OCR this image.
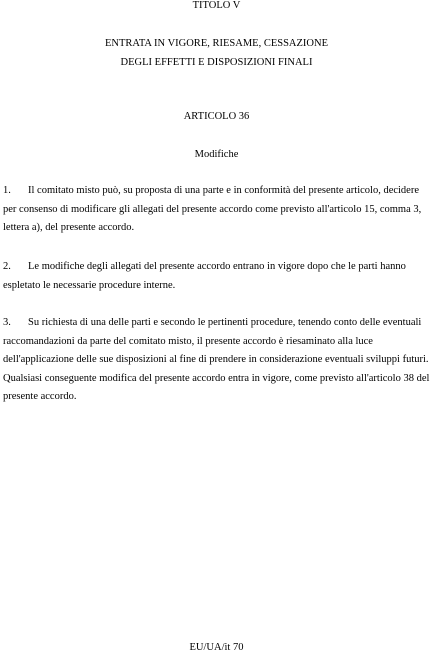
TITOLO V

ENTRATA IN VIGORE, RIESAME, CESSAZIONE
DEGLI EFFETTI E DISPOSIZIONI FINALI

ARTICOLO 36

Modifiche

1. Il comitato misto può, su proposta di una parte e in conformità del presente articolo, decidere per consenso di modificare gli allegati del presente accordo come previsto all'articolo 15, comma 3, lettera a), del presente accordo.

2. Le modifiche degli allegati del presente accordo entrano in vigore dopo che le parti hanno espletato le necessarie procedure interne.

3. Su richiesta di una delle parti e secondo le pertinenti procedure, tenendo conto delle eventuali raccomandazioni da parte del comitato misto, il presente accordo è riesaminato alla luce dell'applicazione delle sue disposizioni al fine di prendere in considerazione eventuali sviluppi futuri. Qualsiasi conseguente modifica del presente accordo entra in vigore, come previsto all'articolo 38 del presente accordo.

EU/UA/it 70
